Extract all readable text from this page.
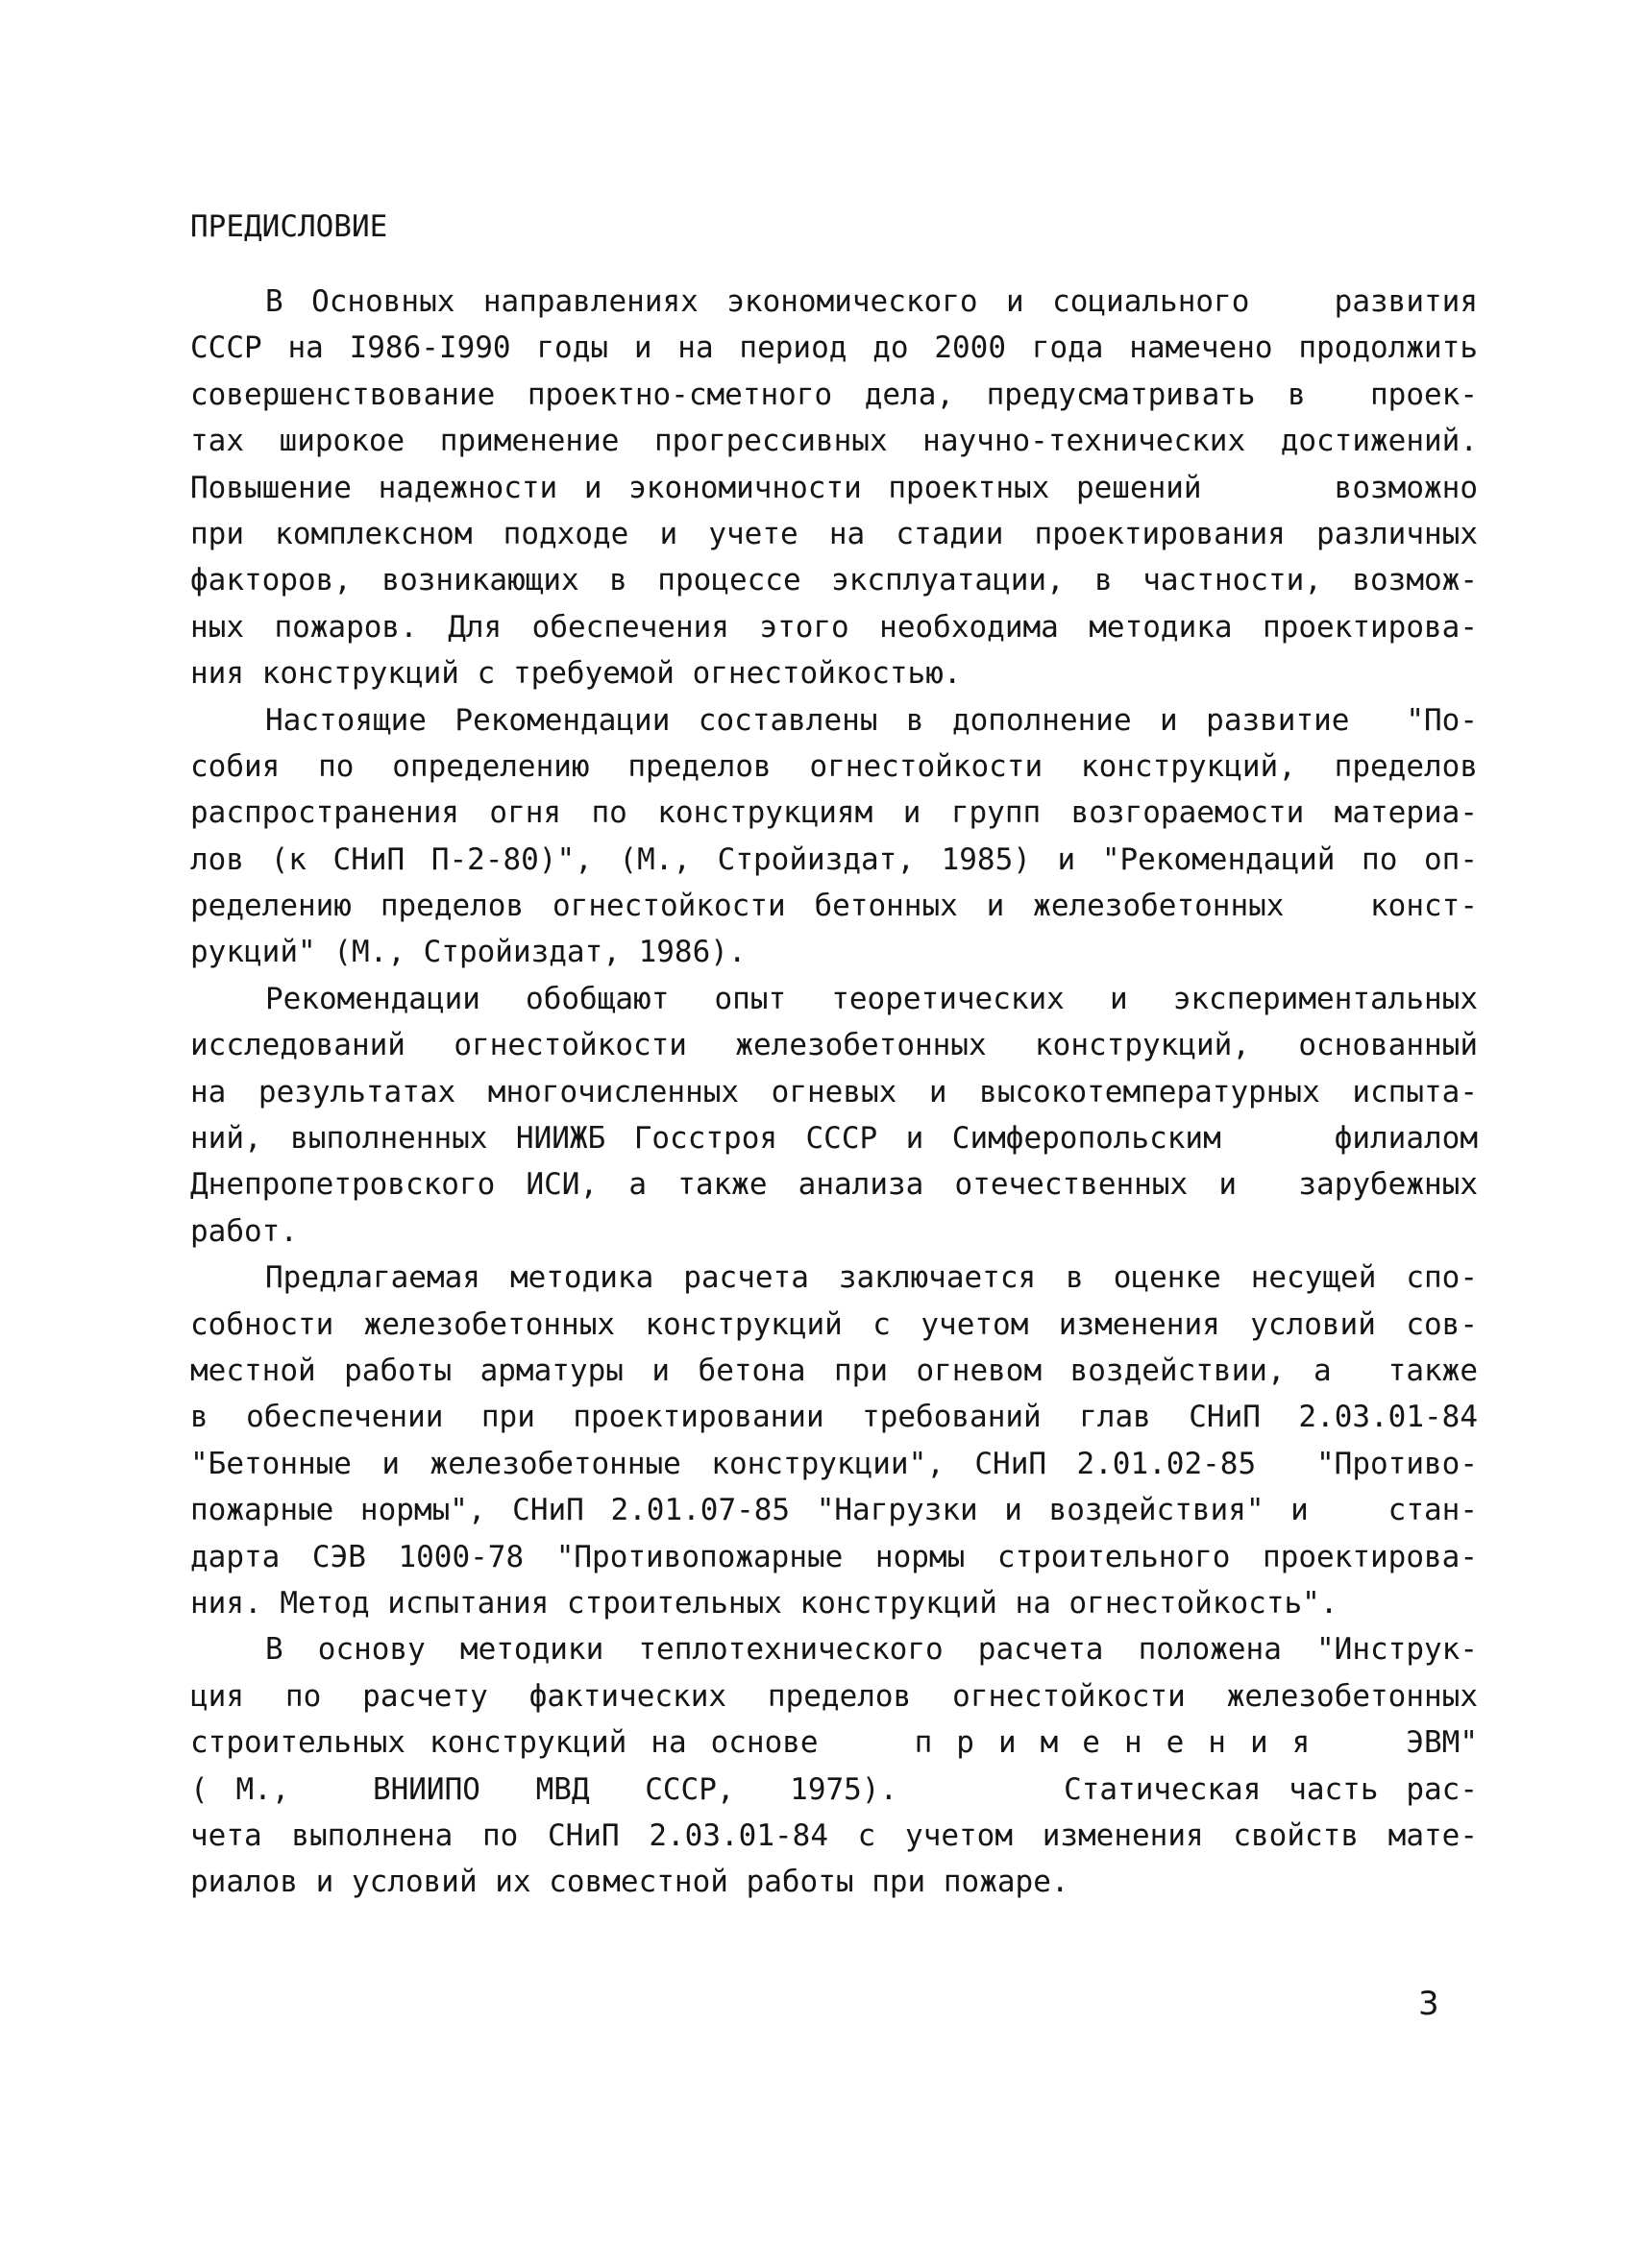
ПРЕДИСЛОВИЕ
В Основных направлениях экономического и социального   развития
СССР на I986-I990 годы и на период до 2000 года намечено продолжить
совершенствование проектно-сметного дела, предусматривать в  проек-
тах широкое применение прогрессивных научно-технических достижений.
Повышение надежности и экономичности проектных решений     возможно
при комплексном подходе и учете на стадии проектирования различных
факторов, возникающих в процессе эксплуатации, в частности, возмож-
ных пожаров. Для обеспечения этого необходима методика проектирова-
ния конструкций с требуемой огнестойкостью.
Настоящие Рекомендации составлены в дополнение и развитие  "По-
собия по определению пределов огнестойкости конструкций, пределов
распространения огня по конструкциям и групп возгораемости материа-
лов (к СНиП П-2-80)", (М., Стройиздат, 1985) и "Рекомендаций по оп-
ределению пределов огнестойкости бетонных и железобетонных   конст-
рукций" (М., Стройиздат, 1986).
Рекомендации обобщают опыт теоретических и экспериментальных
исследований огнестойкости железобетонных конструкций, основанный
на результатах многочисленных огневых и высокотемпературных испыта-
ний, выполненных НИИЖБ Госстроя СССР и Симферопольским    филиалом
Днепропетровского ИСИ, а также анализа отечественных и  зарубежных
работ.
Предлагаемая методика расчета заключается в оценке несущей спо-
собности железобетонных конструкций с учетом изменения условий сов-
местной работы арматуры и бетона при огневом воздействии, а  также
в обеспечении при проектировании требований глав СНиП 2.03.01-84
"Бетонные и железобетонные конструкции", СНиП 2.01.02-85  "Противо-
пожарные нормы", СНиП 2.01.07-85 "Нагрузки и воздействия" и   стан-
дарта СЭВ 1000-78 "Противопожарные нормы строительного проектирова-
ния. Метод испытания строительных конструкций на огнестойкость".
В основу методики теплотехнического расчета положена "Инструк-
ция по расчету фактических пределов огнестойкости железобетонных
строительных конструкций на основе    п р и м е н е н и я    ЭВМ"
( М.,   ВНИИПО  МВД  СССР,  1975).      Статическая часть рас-
чета выполнена по СНиП 2.03.01-84 с учетом изменения свойств мате-
риалов и условий их совместной работы при пожаре.
3
